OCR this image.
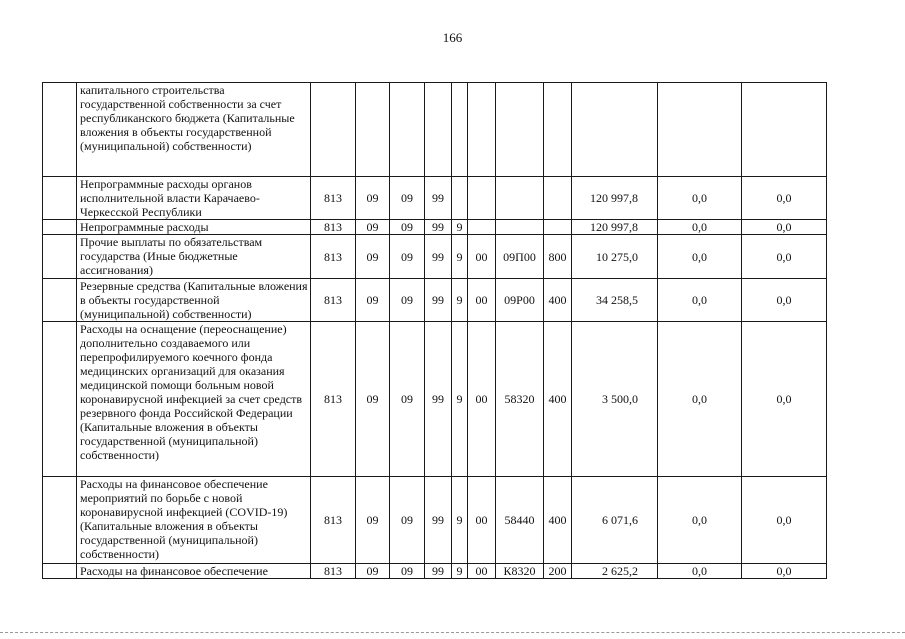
166
	капитального строительства государственной собственности за счет республиканского бюджета (Капитальные вложения в объекты государственной (муниципальной) собственности)											
	Непрограммные расходы органов исполнительной власти Карачаево-Черкесской Республики	813	09	09	99					120 997,8	0,0	0,0
	Непрограммные расходы	813	09	09	99	9				120 997,8	0,0	0,0
	Прочие выплаты по обязательствам государства (Иные бюджетные ассигнования)	813	09	09	99	9	00	09П00	800	10 275,0	0,0	0,0
	Резервные средства (Капитальные вложения в объекты государственной (муниципальной) собственности)	813	09	09	99	9	00	09Р00	400	34 258,5	0,0	0,0
	Расходы на оснащение (переоснащение) дополнительно создаваемого или перепрофилируемого коечного фонда медицинских организаций для оказания медицинской помощи больным новой коронавирусной инфекцией за счет средств резервного фонда Российской Федерации (Капитальные вложения в объекты государственной (муниципальной) собственности)	813	09	09	99	9	00	58320	400	3 500,0	0,0	0,0
	Расходы на финансовое обеспечение мероприятий по борьбе с новой коронавирусной инфекцией (COVID-19) (Капитальные вложения в объекты государственной (муниципальной) собственности)	813	09	09	99	9	00	58440	400	6 071,6	0,0	0,0
	Расходы на финансовое обеспечение	813	09	09	99	9	00	К8320	200	2 625,2	0,0	0,0
